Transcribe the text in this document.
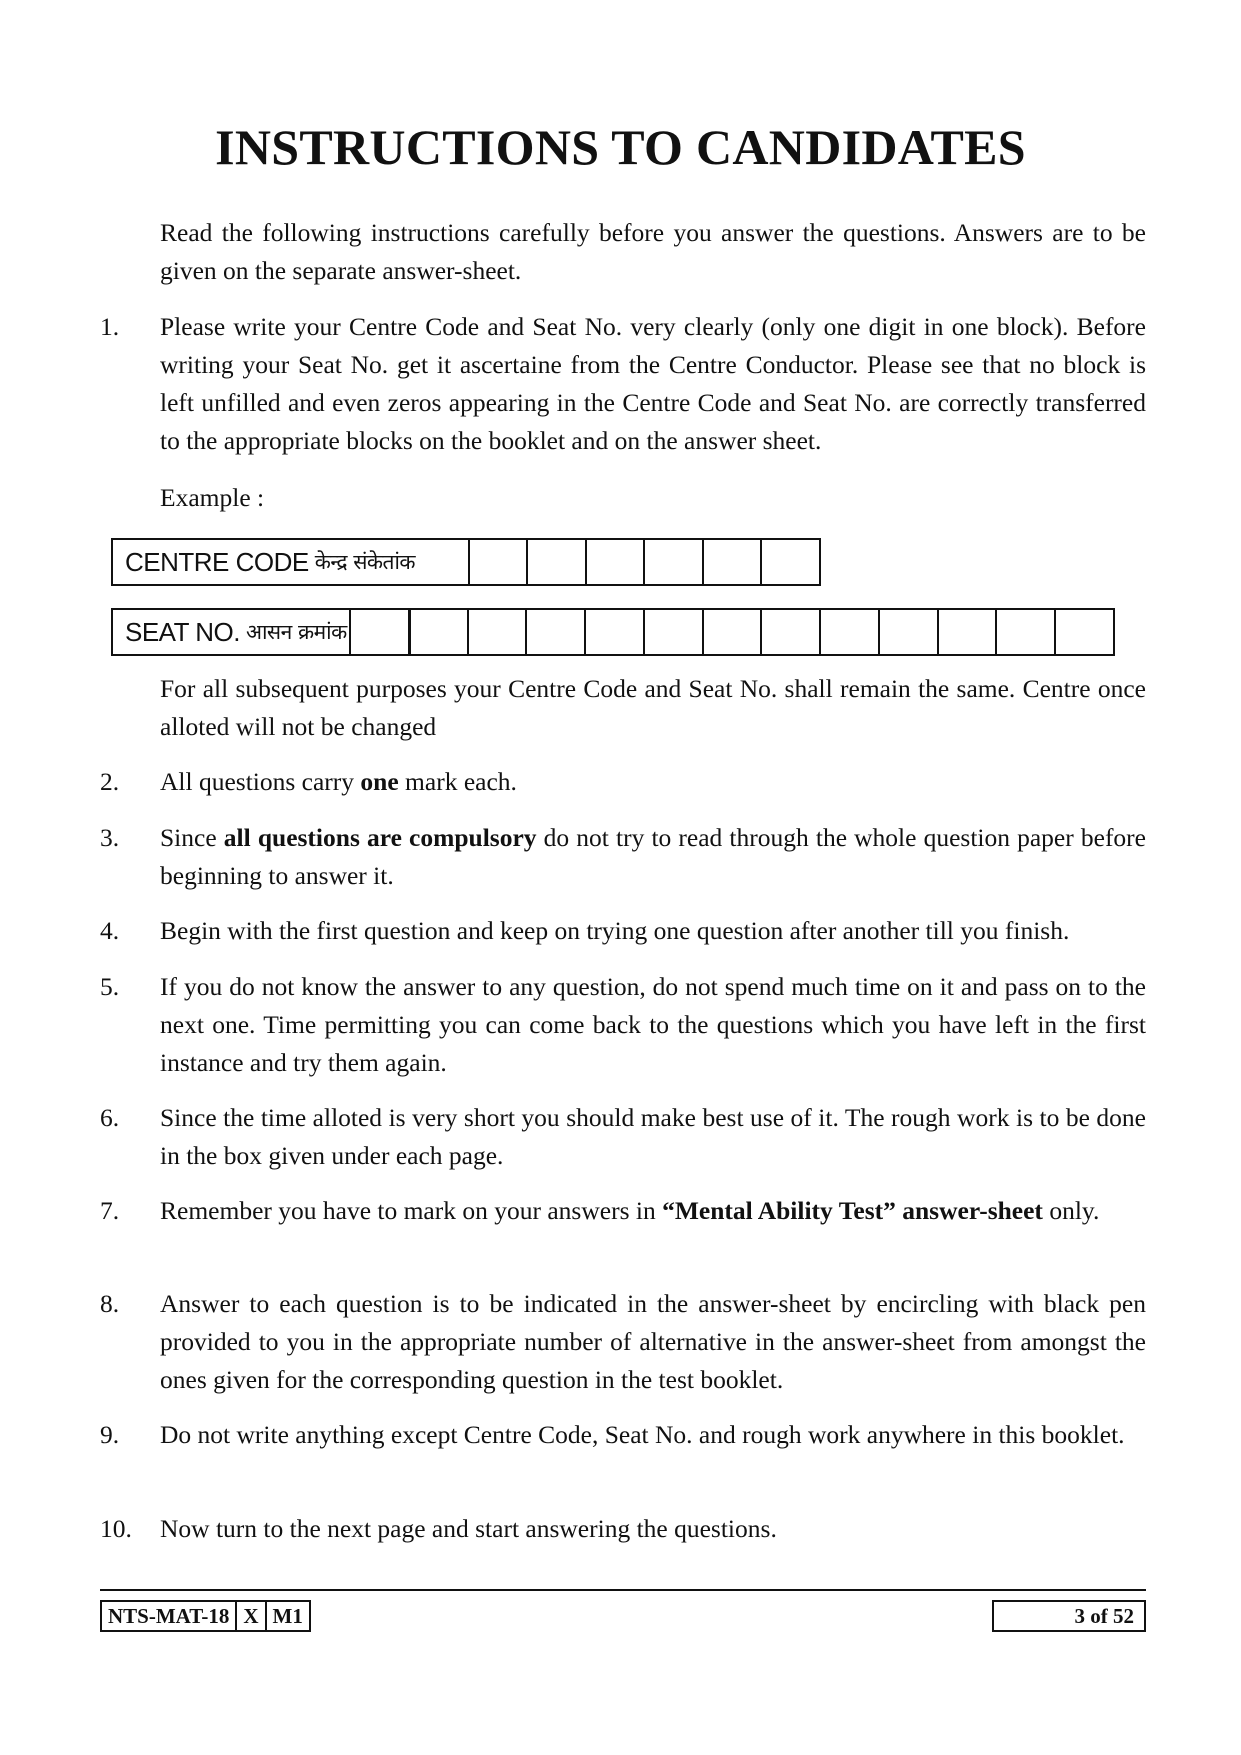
INSTRUCTIONS TO CANDIDATES
Read the following instructions carefully before you answer the questions. Answers are to be given on the separate answer-sheet.
1. Please write your Centre Code and Seat No. very clearly (only one digit in one block). Before writing your Seat No. get it ascertaine from the Centre Conductor. Please see that no block is left unfilled and even zeros appearing in the Centre Code and Seat No. are correctly transferred to the appropriate blocks on the booklet and on the answer sheet.
Example :
CENTRE CODE केन्द्र संकेतांक
SEAT NO. आसन क्रमांक
For all subsequent purposes your Centre Code and Seat No. shall remain the same. Centre once alloted will not be changed
2. All questions carry one mark each.
3. Since all questions are compulsory do not try to read through the whole question paper before beginning to answer it.
4. Begin with the first question and keep on trying one question after another till you finish.
5. If you do not know the answer to any question, do not spend much time on it and pass on to the next one. Time permitting you can come back to the questions which you have left in the first instance and try them again.
6. Since the time alloted is very short you should make best use of it. The rough work is to be done in the box given under each page.
7. Remember you have to mark on your answers in “Mental Ability Test” answer-sheet only.
8. Answer to each question is to be indicated in the answer-sheet by encircling with black pen provided to you in the appropriate number of alternative in the answer-sheet from amongst the ones given for the corresponding question in the test booklet.
9. Do not write anything except Centre Code, Seat No. and rough work anywhere in this booklet.
10. Now turn to the next page and start answering the questions.
NTS-MAT-18 X M1	3 of 52
